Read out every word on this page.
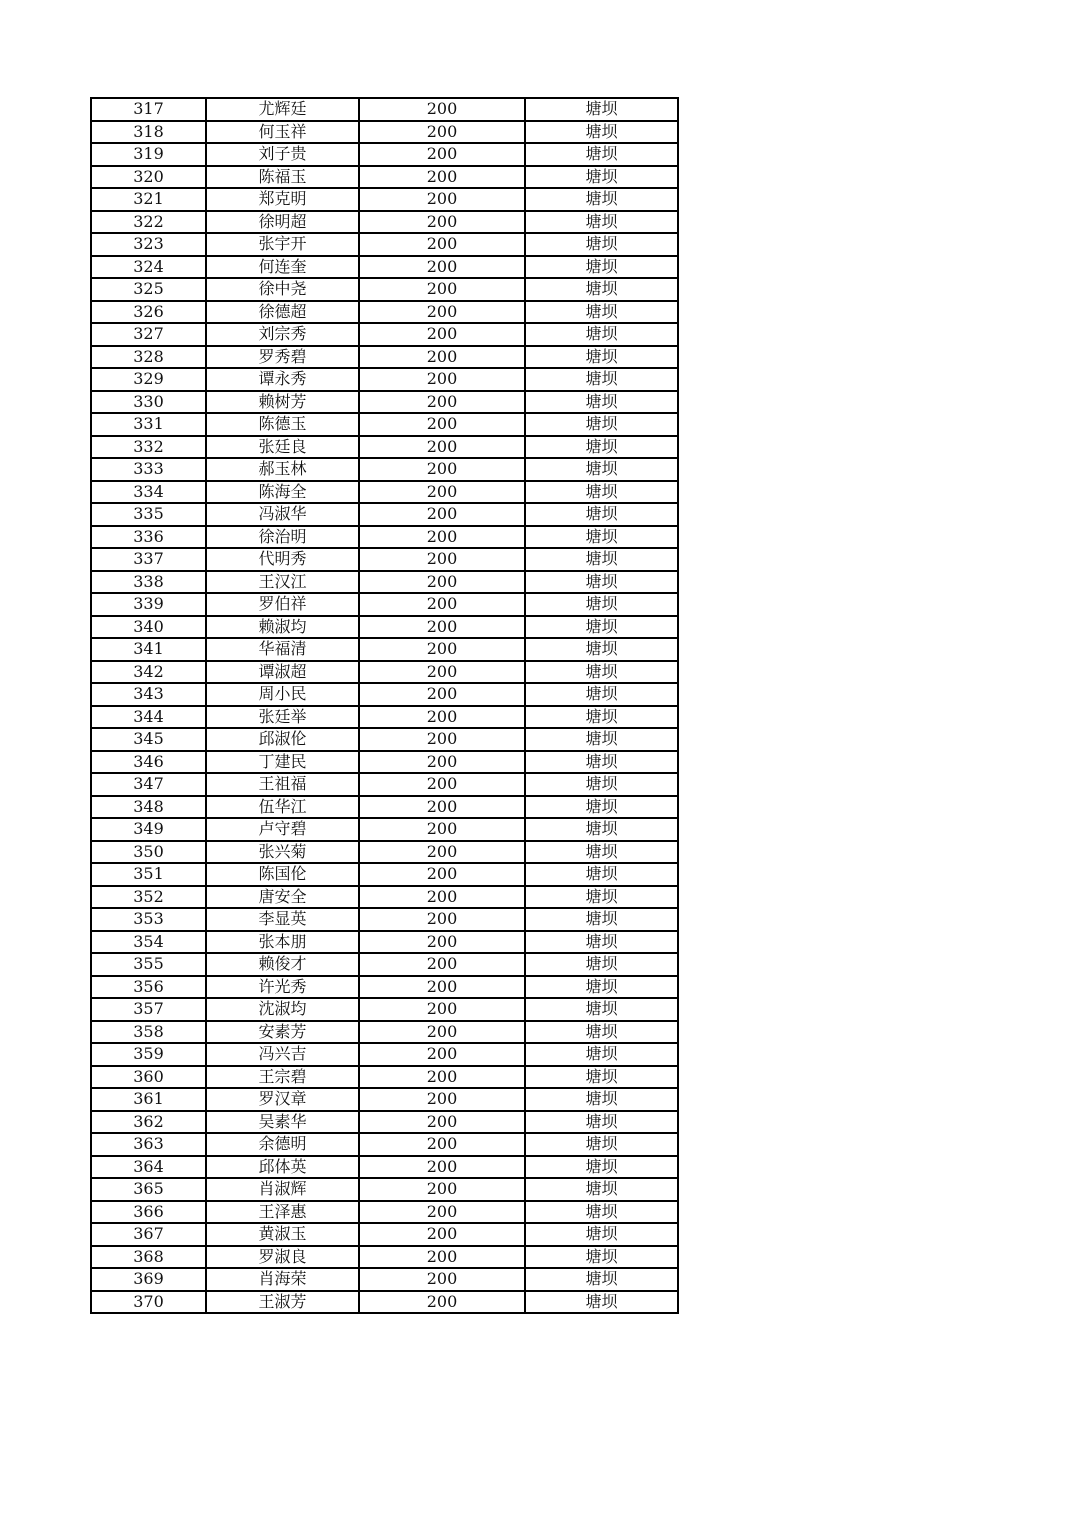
317	尤辉廷	200	塘坝
318	何玉祥	200	塘坝
319	刘子贵	200	塘坝
320	陈福玉	200	塘坝
321	郑克明	200	塘坝
322	徐明超	200	塘坝
323	张宇开	200	塘坝
324	何连奎	200	塘坝
325	徐中尧	200	塘坝
326	徐德超	200	塘坝
327	刘宗秀	200	塘坝
328	罗秀碧	200	塘坝
329	谭永秀	200	塘坝
330	赖树芳	200	塘坝
331	陈德玉	200	塘坝
332	张廷良	200	塘坝
333	郝玉林	200	塘坝
334	陈海全	200	塘坝
335	冯淑华	200	塘坝
336	徐治明	200	塘坝
337	代明秀	200	塘坝
338	王汉江	200	塘坝
339	罗伯祥	200	塘坝
340	赖淑均	200	塘坝
341	华福清	200	塘坝
342	谭淑超	200	塘坝
343	周小民	200	塘坝
344	张廷举	200	塘坝
345	邱淑伦	200	塘坝
346	丁建民	200	塘坝
347	王祖福	200	塘坝
348	伍华江	200	塘坝
349	卢守碧	200	塘坝
350	张兴菊	200	塘坝
351	陈国伦	200	塘坝
352	唐安全	200	塘坝
353	李显英	200	塘坝
354	张本朋	200	塘坝
355	赖俊才	200	塘坝
356	许光秀	200	塘坝
357	沈淑均	200	塘坝
358	安素芳	200	塘坝
359	冯兴吉	200	塘坝
360	王宗碧	200	塘坝
361	罗汉章	200	塘坝
362	吴素华	200	塘坝
363	余德明	200	塘坝
364	邱体英	200	塘坝
365	肖淑辉	200	塘坝
366	王泽惠	200	塘坝
367	黄淑玉	200	塘坝
368	罗淑良	200	塘坝
369	肖海荣	200	塘坝
370	王淑芳	200	塘坝
